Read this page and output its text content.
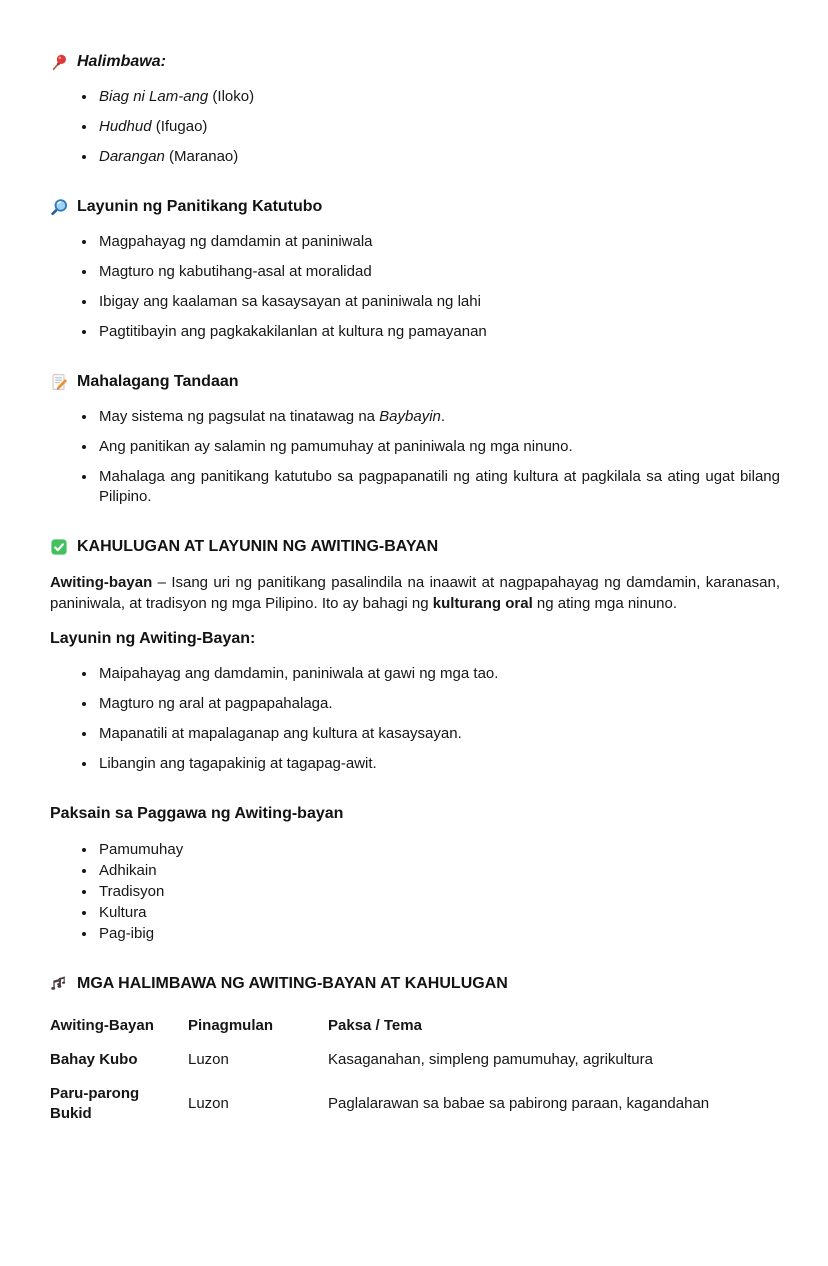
Halimbawa:
• Biag ni Lam-ang (Iloko)
• Hudhud (Ifugao)
• Darangan (Maranao)
Layunin ng Panitikang Katutubo
• Magpahayag ng damdamin at paniniwala
• Magturo ng kabutihang-asal at moralidad
• Ibigay ang kaalaman sa kasaysayan at paniniwala ng lahi
• Pagtitibayin ang pagkakakilanlan at kultura ng pamayanan
Mahalagang Tandaan
• May sistema ng pagsulat na tinatawag na Baybayin.
• Ang panitikan ay salamin ng pamumuhay at paniniwala ng mga ninuno.
• Mahalaga ang panitikang katutubo sa pagpapanatili ng ating kultura at pagkilala sa ating ugat bilang Pilipino.
KAHULUGAN AT LAYUNIN NG AWITING-BAYAN

Awiting-bayan – Isang uri ng panitikang pasalindila na inaawit at nagpapahayag ng damdamin, karanasan, paniniwala, at tradisyon ng mga Pilipino. Ito ay bahagi ng kulturang oral ng ating mga ninuno.

Layunin ng Awiting-Bayan:
• Maipahayag ang damdamin, paniniwala at gawi ng mga tao.
• Magturo ng aral at pagpapahalaga.
• Mapanatili at mapalaganap ang kultura at kasaysayan.
• Libangin ang tagapakinig at tagapag-awit.
Paksain sa Paggawa ng Awiting-bayan
• Pamumuhay
• Adhikain
• Tradisyon
• Kultura
• Pag-ibig
MGA HALIMBAWA NG AWITING-BAYAN AT KAHULUGAN
Awiting-Bayan	Pinagmulan	Paksa / Tema
Bahay Kubo	Luzon	Kasaganahan, simpleng pamumuhay, agrikultura
Paru-parong Bukid	Luzon	Paglalarawan sa babae sa pabirong paraan, kagandahan
